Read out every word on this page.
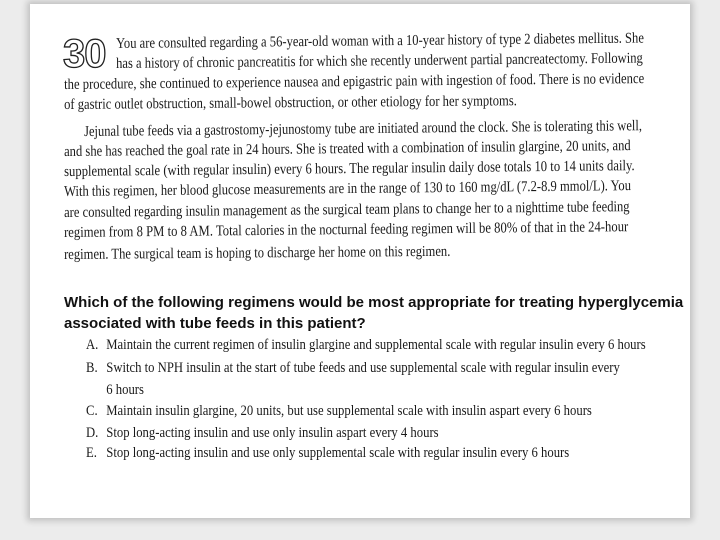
30 You are consulted regarding a 56-year-old woman with a 10-year history of type 2 diabetes mellitus. She
has a history of chronic pancreatitis for which she recently underwent partial pancreatectomy. Following
the procedure, she continued to experience nausea and epigastric pain with ingestion of food. There is no evidence
of gastric outlet obstruction, small-bowel obstruction, or other etiology for her symptoms.
Jejunal tube feeds via a gastrostomy-jejunostomy tube are initiated around the clock. She is tolerating this well,
and she has reached the goal rate in 24 hours. She is treated with a combination of insulin glargine, 20 units, and
supplemental scale (with regular insulin) every 6 hours. The regular insulin daily dose totals 10 to 14 units daily.
With this regimen, her blood glucose measurements are in the range of 130 to 160 mg/dL (7.2-8.9 mmol/L). You
are consulted regarding insulin management as the surgical team plans to change her to a nighttime tube feeding
regimen from 8 PM to 8 AM. Total calories in the nocturnal feeding regimen will be 80% of that in the 24-hour
regimen. The surgical team is hoping to discharge her home on this regimen.
Which of the following regimens would be most appropriate for treating hyperglycemia
associated with tube feeds in this patient?
A. Maintain the current regimen of insulin glargine and supplemental scale with regular insulin every 6 hours
B. Switch to NPH insulin at the start of tube feeds and use supplemental scale with regular insulin every
6 hours
C. Maintain insulin glargine, 20 units, but use supplemental scale with insulin aspart every 6 hours
D. Stop long-acting insulin and use only insulin aspart every 4 hours
E. Stop long-acting insulin and use only supplemental scale with regular insulin every 6 hours
